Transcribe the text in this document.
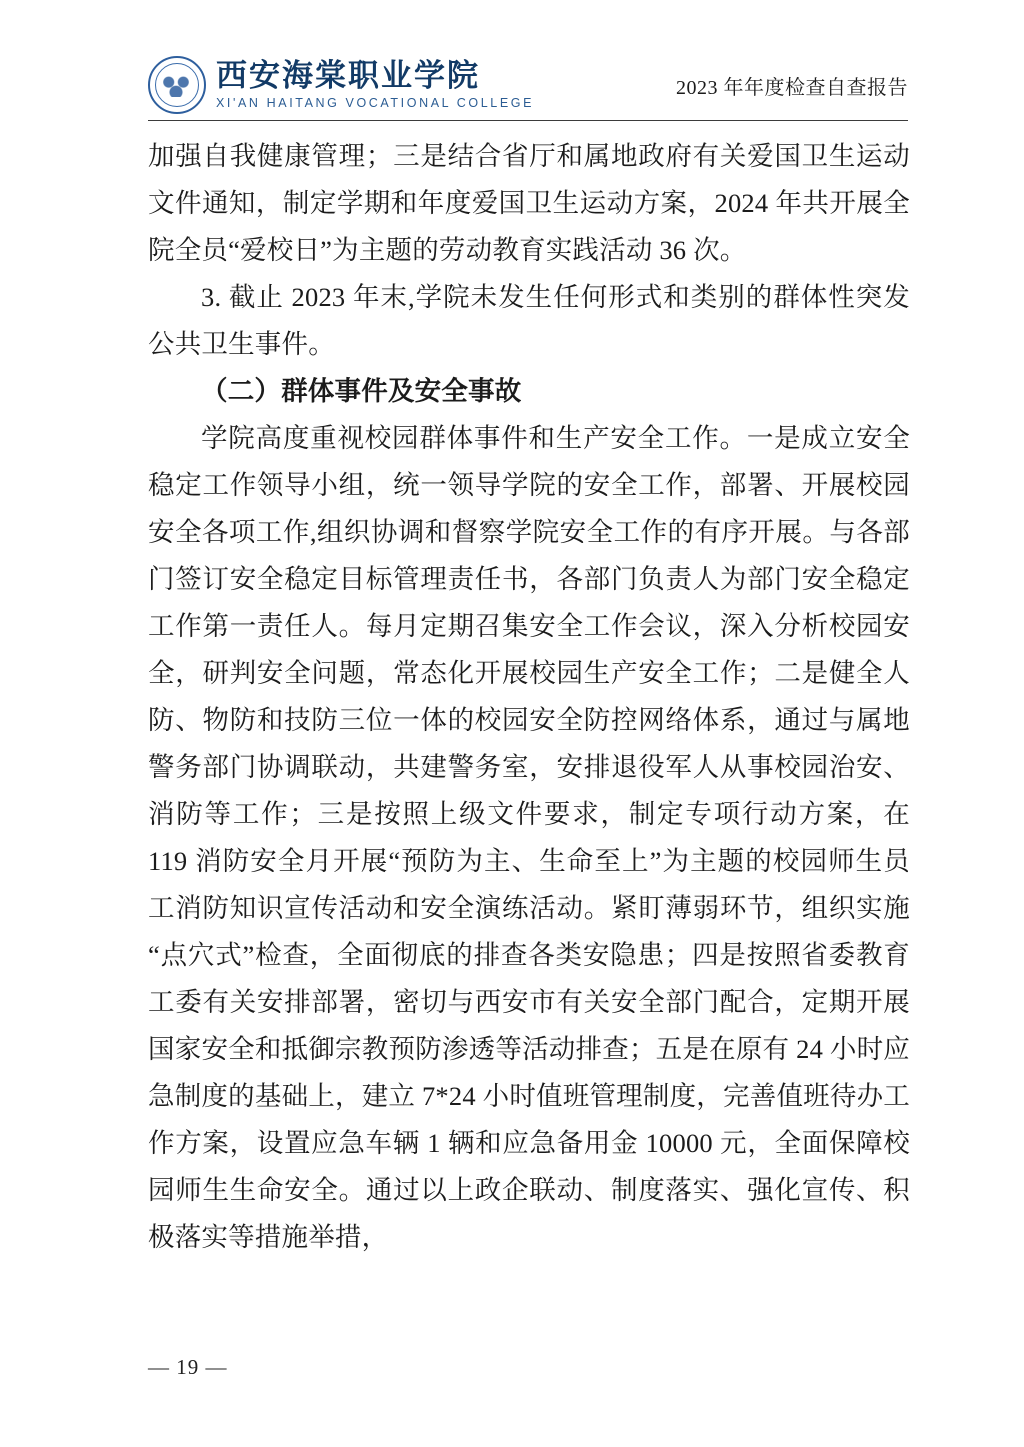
西安海棠职业学院
XI'AN HAITANG VOCATIONAL COLLEGE
2023 年年度检查自查报告

加强自我健康管理；三是结合省厅和属地政府有关爱国卫生运动文件通知，制定学期和年度爱国卫生运动方案，2024 年共开展全院全员“爱校日”为主题的劳动教育实践活动 36 次。

3. 截止 2023 年末,学院未发生任何形式和类别的群体性突发公共卫生事件。

（二）群体事件及安全事故

学院高度重视校园群体事件和生产安全工作。一是成立安全稳定工作领导小组，统一领导学院的安全工作，部署、开展校园安全各项工作,组织协调和督察学院安全工作的有序开展。与各部门签订安全稳定目标管理责任书，各部门负责人为部门安全稳定工作第一责任人。每月定期召集安全工作会议，深入分析校园安全，研判安全问题，常态化开展校园生产安全工作；二是健全人防、物防和技防三位一体的校园安全防控网络体系，通过与属地警务部门协调联动，共建警务室，安排退役军人从事校园治安、消防等工作；三是按照上级文件要求，制定专项行动方案，在 119 消防安全月开展“预防为主、生命至上”为主题的校园师生员工消防知识宣传活动和安全演练活动。紧盯薄弱环节，组织实施“点穴式”检查，全面彻底的排查各类安隐患；四是按照省委教育工委有关安排部署，密切与西安市有关安全部门配合，定期开展国家安全和抵御宗教预防渗透等活动排查；五是在原有 24 小时应急制度的基础上，建立 7*24 小时值班管理制度，完善值班待办工作方案，设置应急车辆 1 辆和应急备用金 10000 元，全面保障校园师生生命安全。通过以上政企联动、制度落实、强化宣传、积极落实等措施举措，

— 19 —
